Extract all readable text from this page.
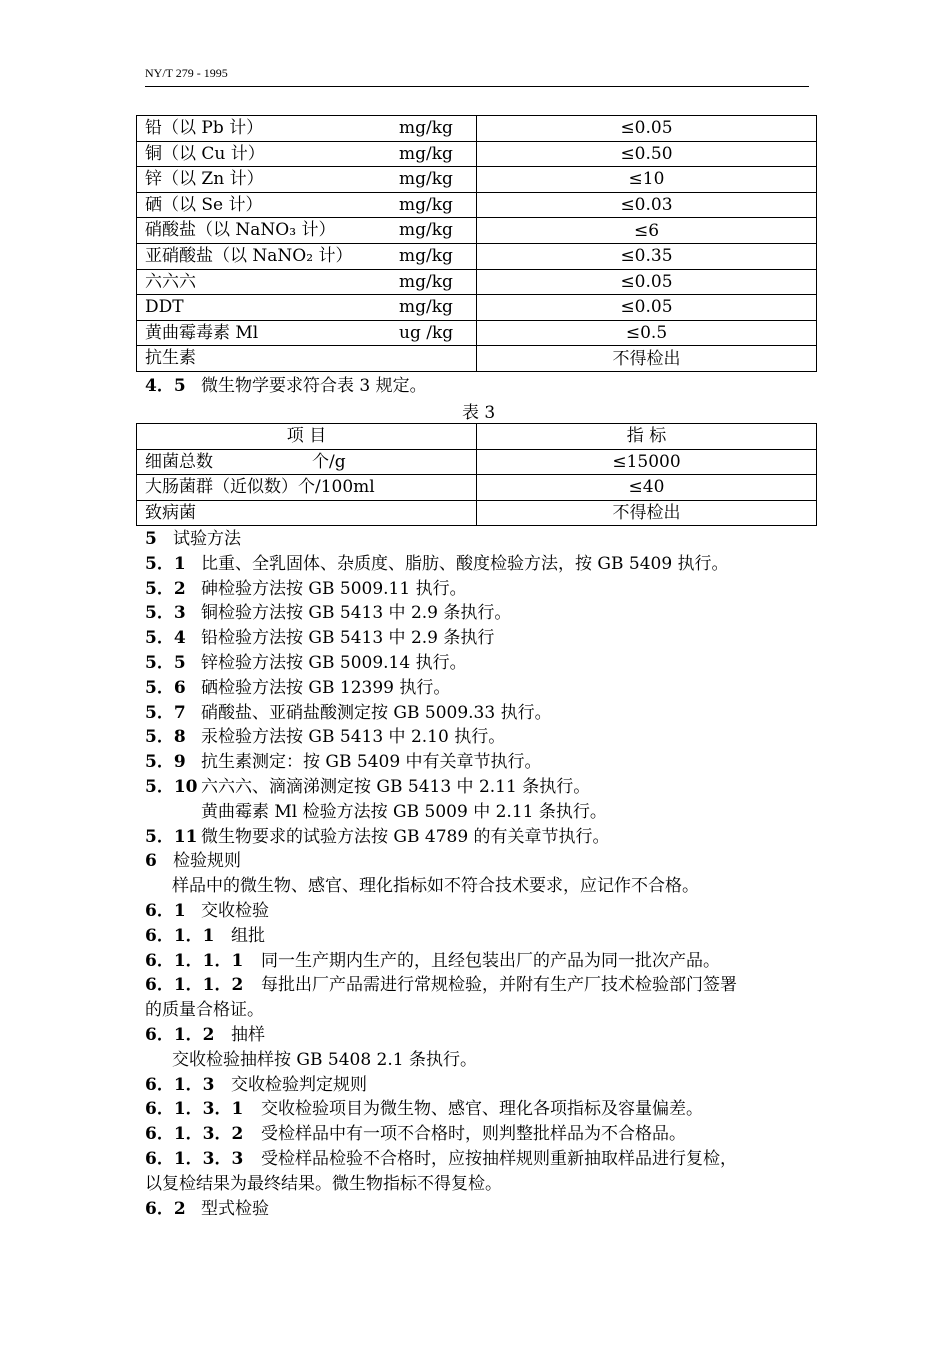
NY/T 279 - 1995
铅（以 Pb 计） mg/kg	≤0.05

铜（以 Cu 计） mg/kg	≤0.50

锌（以 Zn 计） mg/kg	≤10

硒（以 Se 计） mg/kg	≤0.03

硝酸盐（以 NaNO₃ 计） mg/kg	≤6

亚硝酸盐（以 NaNO₂ 计） mg/kg	≤0.35

六六六 mg/kg	≤0.05

DDT mg/kg	≤0.05

黄曲霉毒素 Ml ug /kg	≤0.5

抗生素	不得检出
4．5 微生物学要求符合表 3 规定。
表 3
项 目	指 标

细菌总数 个/g	≤15000

大肠菌群（近似数）个/100ml	≤40

致病菌	不得检出
5 试验方法
5．1 比重、全乳固体、杂质度、脂肪、酸度检验方法，按 GB 5409 执行。
5．2 砷检验方法按 GB 5009.11 执行。
5．3 铜检验方法按 GB 5413 中 2.9 条执行。
5．4 铅检验方法按 GB 5413 中 2.9 条执行
5．5 锌检验方法按 GB 5009.14 执行。
5．6 硒检验方法按 GB 12399 执行。
5．7 硝酸盐、亚硝盐酸测定按 GB 5009.33 执行。
5．8 汞检验方法按 GB 5413 中 2.10 执行。
5．9 抗生素测定：按 GB 5409 中有关章节执行。
5．10 六六六、滴滴涕测定按 GB 5413 中 2.11 条执行。
黄曲霉素 Ml 检验方法按 GB 5009 中 2.11 条执行。
5．11 微生物要求的试验方法按 GB 4789 的有关章节执行。
6 检验规则
样品中的微生物、感官、理化指标如不符合技术要求，应记作不合格。
6．1 交收检验
6．1．1 组批
6．1．1．1 同一生产期内生产的，且经包装出厂的产品为同一批次产品。
6．1．1．2 每批出厂产品需进行常规检验，并附有生产厂技术检验部门签署
的质量合格证。
6．1．2 抽样
交收检验抽样按 GB 5408 2.1 条执行。
6．1．3 交收检验判定规则
6．1．3．1 交收检验项目为微生物、感官、理化各项指标及容量偏差。
6．1．3．2 受检样品中有一项不合格时，则判整批样品为不合格品。
6．1．3．3 受检样品检验不合格时，应按抽样规则重新抽取样品进行复检，
以复检结果为最终结果。微生物指标不得复检。
6．2 型式检验
